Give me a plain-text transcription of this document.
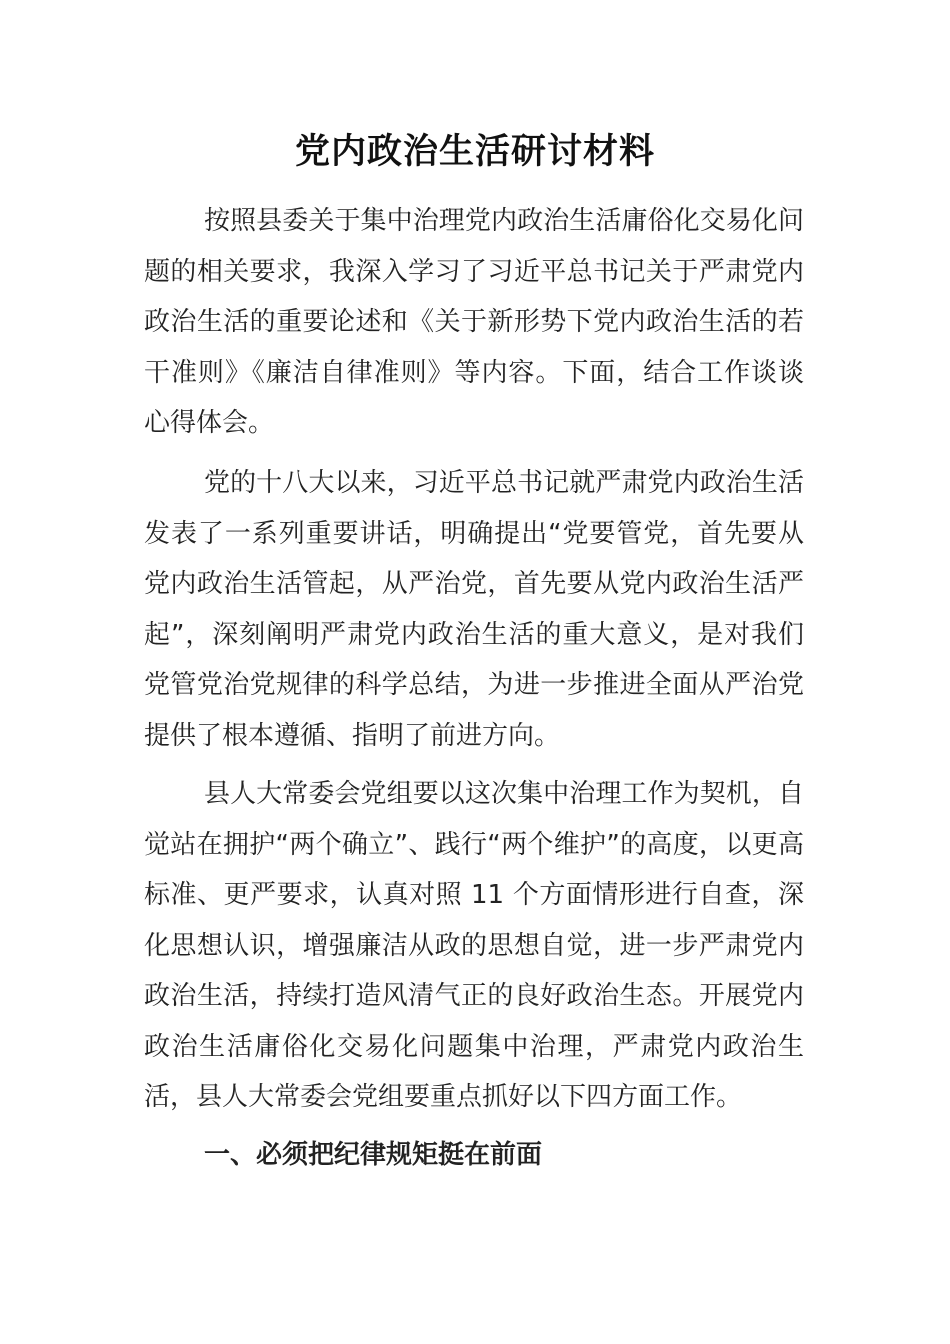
党内政治生活研讨材料

按照县委关于集中治理党内政治生活庸俗化交易化问题的相关要求，我深入学习了习近平总书记关于严肃党内政治生活的重要论述和《关于新形势下党内政治生活的若干准则》《廉洁自律准则》等内容。下面，结合工作谈谈心得体会。

党的十八大以来，习近平总书记就严肃党内政治生活发表了一系列重要讲话，明确提出“党要管党，首先要从党内政治生活管起，从严治党，首先要从党内政治生活严起”，深刻阐明严肃党内政治生活的重大意义，是对我们党管党治党规律的科学总结，为进一步推进全面从严治党提供了根本遵循、指明了前进方向。

县人大常委会党组要以这次集中治理工作为契机，自觉站在拥护“两个确立”、践行“两个维护”的高度，以更高标准、更严要求，认真对照 11 个方面情形进行自查，深化思想认识，增强廉洁从政的思想自觉，进一步严肃党内政治生活，持续打造风清气正的良好政治生态。开展党内政治生活庸俗化交易化问题集中治理，严肃党内政治生活，县人大常委会党组要重点抓好以下四方面工作。

一、必须把纪律规矩挺在前面
